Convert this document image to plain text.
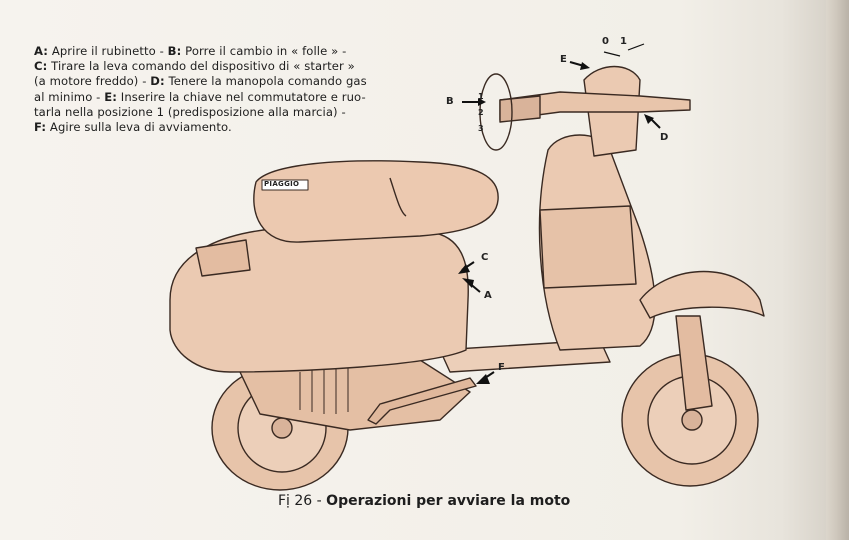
A: Aprire il rubinetto - B: Porre il cambio in « folle » -
C: Tirare la leva comando del dispositivo di « starter »
(a motore freddo) - D: Tenere la manopola comando gas
al minimo - E: Inserire la chiave nel commutatore e ruo-
tarla nella posizione 1 (predisposizione alla marcia) -
F: Agire sulla leva di avviamento.
B
E
0 1
D
C
A
F
1
2
3
PIAGGIO
Fị 26 - Operazioni per avviare la moto
